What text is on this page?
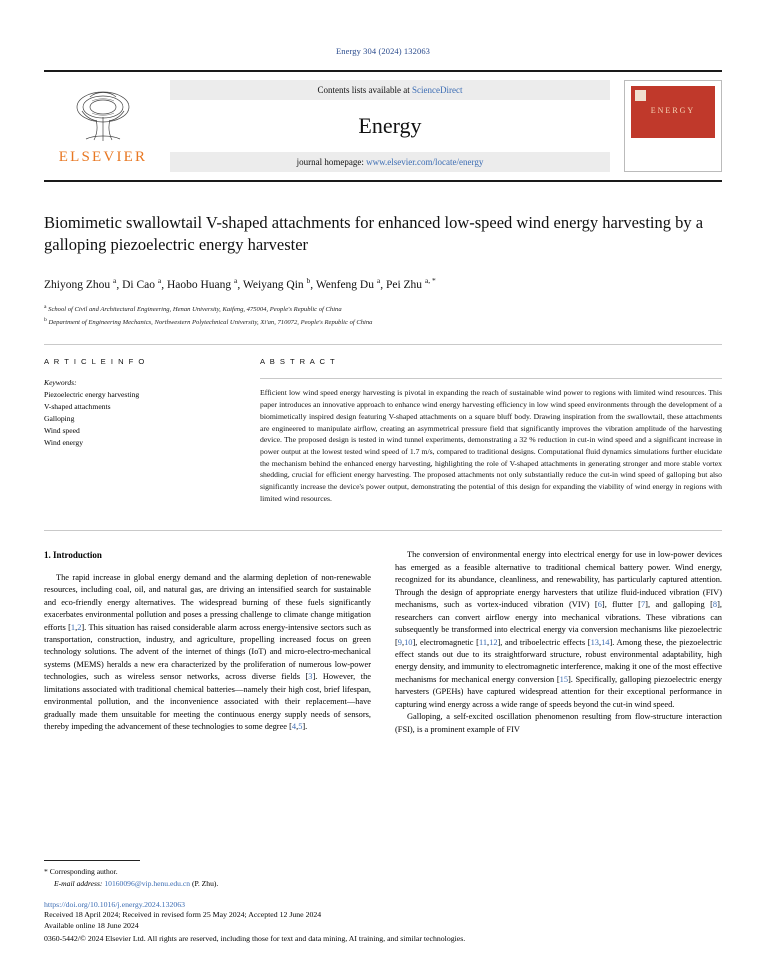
Energy 304 (2024) 132063
ELSEVIER
Contents lists available at ScienceDirect
Energy
journal homepage: www.elsevier.com/locate/energy
ENERGY
Biomimetic swallowtail V-shaped attachments for enhanced low-speed wind energy harvesting by a galloping piezoelectric energy harvester
Zhiyong Zhou $^a$, Di Cao $^a$, Haobo Huang $^a$, Weiyang Qin $^b$, Wenfeng Du $^a$, Pei Zhu $^{a, *}$
$^a$ School of Civil and Architectural Engineering, Henan University, Kaifeng, 475004, People's Republic of China
$^b$ Department of Engineering Mechanics, Northwestern Polytechnical University, Xi'an, 710072, People's Republic of China
A R T I C L E I N F O
Keywords:
Piezoelectric energy harvesting
V-shaped attachments
Galloping
Wind speed
Wind energy
A B S T R A C T
Efficient low wind speed energy harvesting is pivotal in expanding the reach of sustainable wind power to regions with limited wind resources. This paper introduces an innovative approach to enhance wind energy harvesting efficiency in low wind speed environments through the development of a biomimetically inspired design featuring V-shaped attachments on a square bluff body. Drawing inspiration from the swallowtail, these attachments are engineered to manipulate airflow, creating an asymmetrical pressure field that significantly improves the vibration amplitude of the harvesting device. The proposed design is tested in wind tunnel experiments, demonstrating a 32 % reduction in cut-in wind speed and a significant increase in power output at the lowest tested wind speed of 1.7 m/s, compared to traditional designs. Computational fluid dynamics simulations further elucidate the mechanism behind the enhanced energy harvesting, highlighting the role of V-shaped attachments in generating stronger and more stable vortex shedding, crucial for efficient energy harvesting. The proposed attachments not only substantially reduce the cut-in wind speed of galloping but also significantly increase the device's power output, demonstrating the potential of this design for expanding the viability of wind energy in regions with limited wind resources.
1. Introduction

The rapid increase in global energy demand and the alarming depletion of non-renewable resources, including coal, oil, and natural gas, are driving an intensified search for sustainable and eco-friendly energy alternatives. The widespread burning of these fuels significantly exacerbates environmental pollution and poses a pressing challenge to climate change mitigation efforts [1,2]. This situation has raised considerable alarm across energy-intensive sectors such as transportation, construction, industry, and agriculture, propelling increased focus on green technology solutions. The advent of the internet of things (IoT) and micro-electro-mechanical systems (MEMS) heralds a new era characterized by the proliferation of numerous low-power technologies, such as wireless sensor networks, across diverse fields [3]. However, the limitations associated with traditional chemical batteries—namely their high cost, brief lifespan, environmental pollution, and the inconvenience associated with their replacement—have gradually made them unsuitable for meeting the continuous energy supply needs of sensors, thereby impeding the advancement of these technologies to some degree [4,5].

The conversion of environmental energy into electrical energy for use in low-power devices has emerged as a feasible alternative to traditional chemical battery power. Wind energy, recognized for its abundance, cleanliness, and renewability, has particularly captured attention. Through the design of appropriate energy harvesters that utilize fluid-induced vibration (FIV) mechanisms, such as vortex-induced vibration (VIV) [6], flutter [7], and galloping [8], researchers can convert airflow energy into mechanical vibrations. These vibrations can subsequently be transformed into electrical energy via conversion mechanisms like piezoelectric [9,10], electromagnetic [11,12], and triboelectric effects [13,14]. Among these, the piezoelectric effect stands out due to its straightforward structure, robust environmental adaptability, high energy density, and immunity to electromagnetic interference, making it one of the most effective mechanisms for mechanical energy conversion [15]. Specifically, galloping piezoelectric energy harvesters (GPEHs) have captured widespread attention for their exceptional performance in capturing wind energy across a wide range of speeds beyond the cut-in wind speed.

Galloping, a self-excited oscillation phenomenon resulting from flow-structure interaction (FSI), is a prominent example of FIV

* Corresponding author.
E-mail address: 10160096@vip.henu.edu.cn (P. Zhu).
https://doi.org/10.1016/j.energy.2024.132063
Received 18 April 2024; Received in revised form 25 May 2024; Accepted 12 June 2024
Available online 18 June 2024
0360-5442/© 2024 Elsevier Ltd. All rights are reserved, including those for text and data mining, AI training, and similar technologies.
